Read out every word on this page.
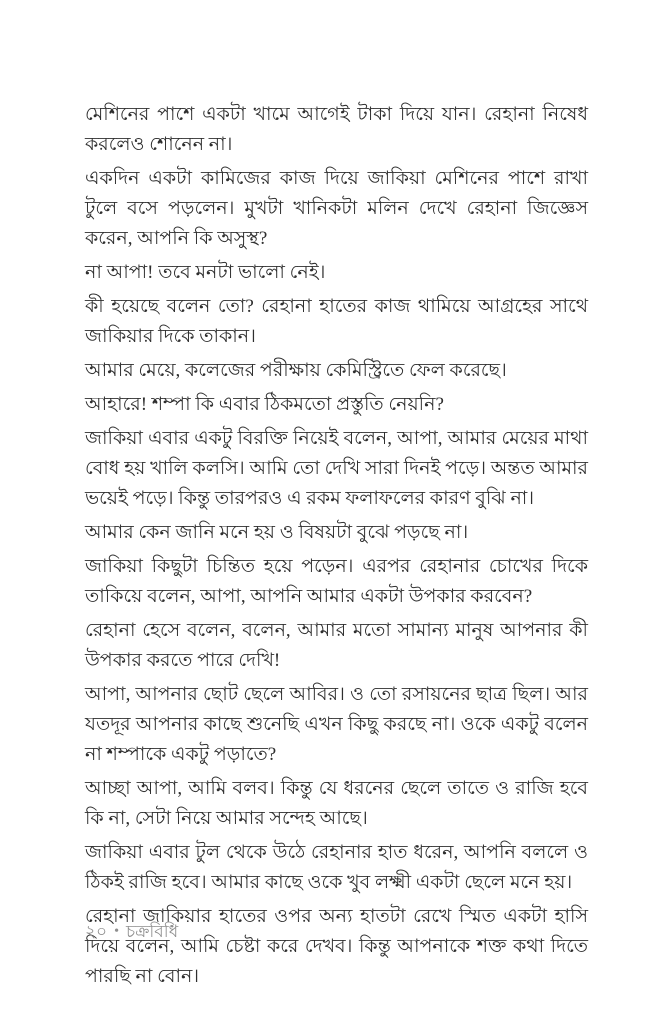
মেশিনের পাশে একটা খামে আগেই টাকা দিয়ে যান। রেহানা নিষেধ করলেও শোনেন না।

একদিন একটা কামিজের কাজ দিয়ে জাকিয়া মেশিনের পাশে রাখা টুলে বসে পড়লেন। মুখটা খানিকটা মলিন দেখে রেহানা জিজ্ঞেস করেন, আপনি কি অসুস্থ?

না আপা! তবে মনটা ভালো নেই।

কী হয়েছে বলেন তো? রেহানা হাতের কাজ থামিয়ে আগ্রহের সাথে জাকিয়ার দিকে তাকান।

আমার মেয়ে, কলেজের পরীক্ষায় কেমিস্ট্রিতে ফেল করেছে।

আহারে! শম্পা কি এবার ঠিকমতো প্রস্তুতি নেয়নি?

জাকিয়া এবার একটু বিরক্তি নিয়েই বলেন, আপা, আমার মেয়ের মাথা বোধ হয় খালি কলসি। আমি তো দেখি সারা দিনই পড়ে। অন্তত আমার ভয়েই পড়ে। কিন্তু তারপরও এ রকম ফলাফলের কারণ বুঝি না।

আমার কেন জানি মনে হয় ও বিষয়টা বুঝে পড়ছে না।

জাকিয়া কিছুটা চিন্তিত হয়ে পড়েন। এরপর রেহানার চোখের দিকে তাকিয়ে বলেন, আপা, আপনি আমার একটা উপকার করবেন?

রেহানা হেসে বলেন, বলেন, আমার মতো সামান্য মানুষ আপনার কী উপকার করতে পারে দেখি!

আপা, আপনার ছোট ছেলে আবির। ও তো রসায়নের ছাত্র ছিল। আর যতদূর আপনার কাছে শুনেছি এখন কিছু করছে না। ওকে একটু বলেন না শম্পাকে একটু পড়াতে?

আচ্ছা আপা, আমি বলব। কিন্তু যে ধরনের ছেলে তাতে ও রাজি হবে কি না, সেটা নিয়ে আমার সন্দেহ আছে।

জাকিয়া এবার টুল থেকে উঠে রেহানার হাত ধরেন, আপনি বললে ও ঠিকই রাজি হবে। আমার কাছে ওকে খুব লক্ষ্মী একটা ছেলে মনে হয়।

রেহানা জাকিয়ার হাতের ওপর অন্য হাতটা রেখে স্মিত একটা হাসি দিয়ে বলেন, আমি চেষ্টা করে দেখব। কিন্তু আপনাকে শক্ত কথা দিতে পারছি না বোন।

২০ • চক্রবিধি
